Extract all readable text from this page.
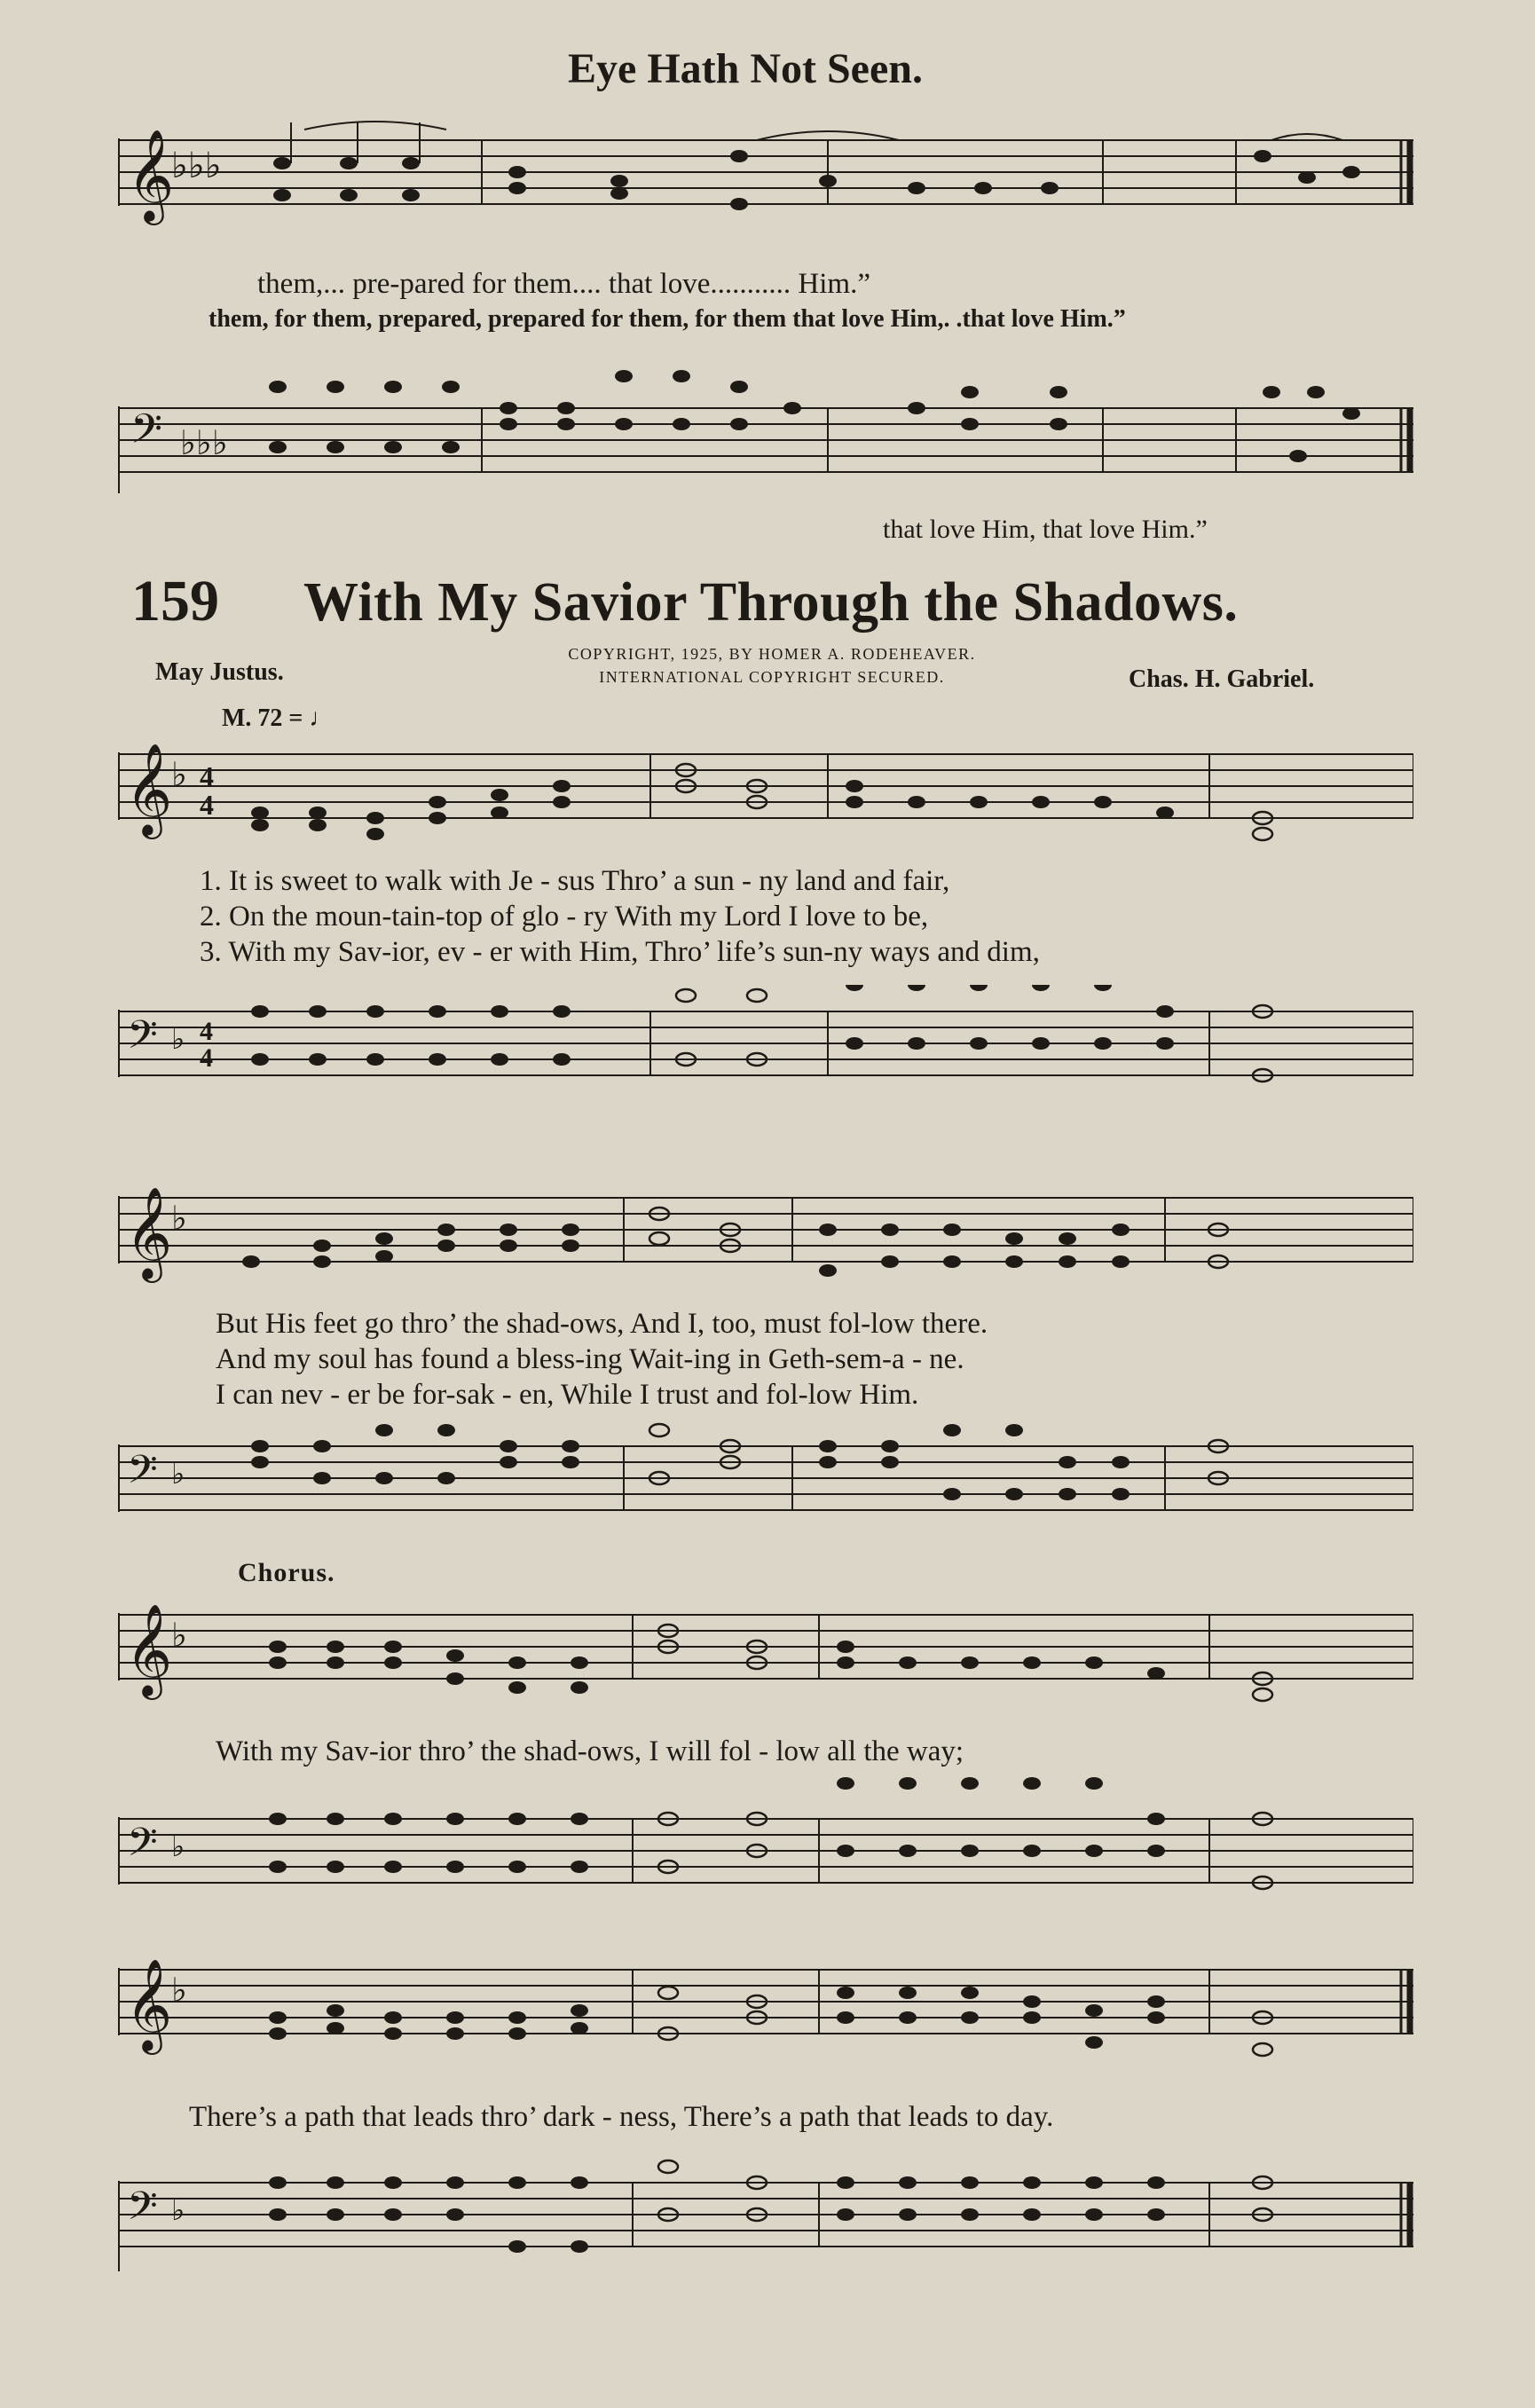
Eye Hath Not Seen.
𝄞
♭♭♭
them,... pre-pared for them.... that love........... Him.”
them, for them, prepared, prepared for them, for them that love Him,. .that love Him.”
𝄢 ♭♭♭
that love Him, that love Him.”
159 With My Savior Through the Shadows.
COPYRIGHT, 1925, BY HOMER A. RODEHEAVER.
INTERNATIONAL COPYRIGHT SECURED.
May Justus.	Chas. H. Gabriel.
M. 72 = ♩
𝄞
♭ 4
4
1. It is sweet to walk with Je - sus Thro’ a sun - ny land and fair,
2. On the moun-tain-top of glo - ry With my Lord I love to be,
3. With my Sav-ior, ev - er with Him, Thro’ life’s sun-ny ways and dim,
𝄢 ♭ 4
4
𝄞
♭
But His feet go thro’ the shad-ows, And I, too, must fol-low there.
And my soul has found a bless-ing Wait-ing in Geth-sem-a - ne.
I can nev - er be for-sak - en, While I trust and fol-low Him.
𝄢 ♭
Chorus.
𝄞
♭
With my Sav-ior thro’ the shad-ows, I will fol - low all the way;
𝄢 ♭
𝄞
♭
There’s a path that leads thro’ dark - ness, There’s a path that leads to day.
𝄢 ♭
